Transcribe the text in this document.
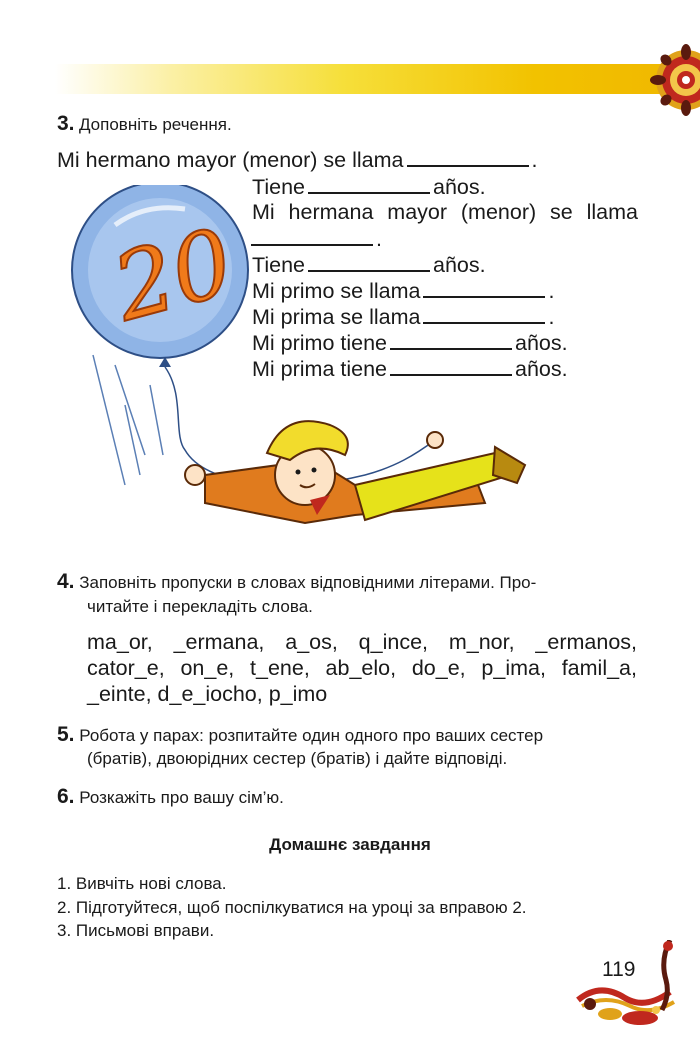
3. Доповніть речення.
Mi hermano mayor (menor) se llama	.
Tiene	años.
Mi hermana mayor (menor) se llama
.
Tiene	años.
Mi primo se llama	.
Mi prima se llama	.
Mi primo tiene	años.
Mi prima tiene	años.
20
4. Заповніть пропуски в словах відповідними літерами. Про-
читайте і перекладіть слова.
ma_or, _ermana, a_os, q_ince, m_nor, _ermanos,
cator_e, on_e, t_ene, ab_elo, do_e, p_ima, famil_a,
_einte, d_e_iocho, p_imo
5. Робота у парах: розпитайте один одного про ваших сестер
(братів), двоюрідних сестер (братів) і дайте відповіді.
6. Розкажіть про вашу сім’ю.
Домашнє завдання
1. Вивчіть нові слова.
2. Підготуйтеся, щоб поспілкуватися на уроці за вправою 2.
3. Письмові вправи.
119
